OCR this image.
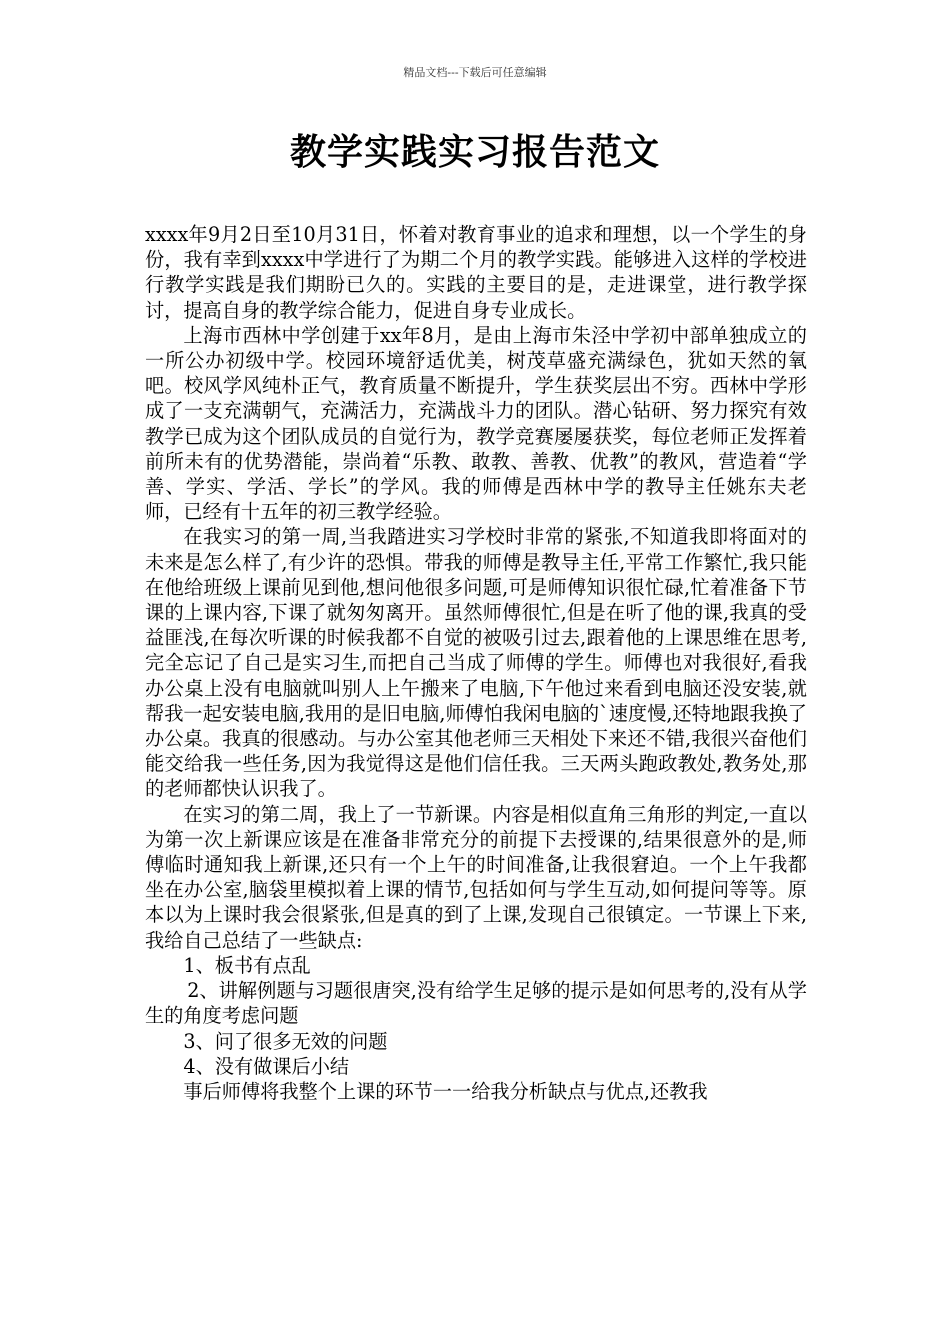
精品文档---下载后可任意编辑
教学实践实习报告范文

xxxx年9月2日至10月31日，怀着对教育事业的追求和理想，以一个学生的身份，我有幸到xxxx中学进行了为期二个月的教学实践。能够进入这样的学校进行教学实践是我们期盼已久的。实践的主要目的是，走进课堂，进行教学探讨，提高自身的教学综合能力，促进自身专业成长。

上海市西林中学创建于xx年8月，是由上海市朱泾中学初中部单独成立的一所公办初级中学。校园环境舒适优美，树茂草盛充满绿色，犹如天然的氧吧。校风学风纯朴正气，教育质量不断提升，学生获奖层出不穷。西林中学形成了一支充满朝气，充满活力，充满战斗力的团队。潜心钻研、努力探究有效教学已成为这个团队成员的自觉行为，教学竞赛屡屡获奖，每位老师正发挥着前所未有的优势潜能，崇尚着“乐教、敢教、善教、优教”的教风，营造着“学善、学实、学活、学长”的学风。我的师傅是西林中学的教导主任姚东夫老师，已经有十五年的初三教学经验。

在我实习的第一周,当我踏进实习学校时非常的紧张,不知道我即将面对的未来是怎么样了,有少许的恐惧。带我的师傅是教导主任,平常工作繁忙,我只能在他给班级上课前见到他,想问他很多问题,可是师傅知识很忙碌,忙着准备下节课的上课内容,下课了就匆匆离开。虽然师傅很忙,但是在听了他的课,我真的受益匪浅,在每次听课的时候我都不自觉的被吸引过去,跟着他的上课思维在思考,完全忘记了自己是实习生,而把自己当成了师傅的学生。师傅也对我很好,看我办公桌上没有电脑就叫别人上午搬来了电脑,下午他过来看到电脑还没安装,就帮我一起安装电脑,我用的是旧电脑,师傅怕我闲电脑的`速度慢,还特地跟我换了办公桌。我真的很感动。与办公室其他老师三天相处下来还不错,我很兴奋他们能交给我一些任务,因为我觉得这是他们信任我。三天两头跑政教处,教务处,那的老师都快认识我了。

在实习的第二周，我上了一节新课。内容是相似直角三角形的判定,一直以为第一次上新课应该是在准备非常充分的前提下去授课的,结果很意外的是,师傅临时通知我上新课,还只有一个上午的时间准备,让我很窘迫。一个上午我都坐在办公室,脑袋里模拟着上课的情节,包括如何与学生互动,如何提问等等。原本以为上课时我会很紧张,但是真的到了上课,发现自己很镇定。一节课上下来,我给自己总结了一些缺点:

1、板书有点乱

2、讲解例题与习题很唐突,没有给学生足够的提示是如何思考的,没有从学生的角度考虑问题

3、问了很多无效的问题

4、没有做课后小结

事后师傅将我整个上课的环节一一给我分析缺点与优点,还教我
